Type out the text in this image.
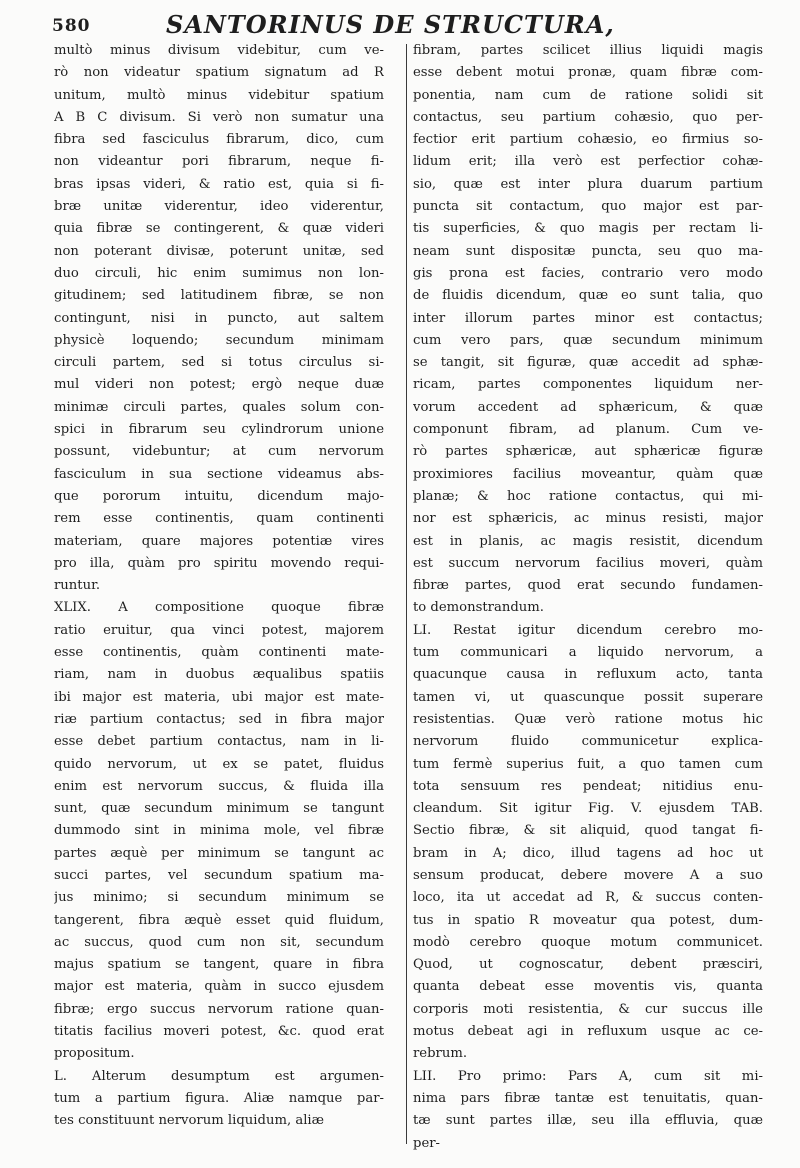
580	SANTORINUS DE STRUCTURA,
multò minus divisum videbitur, cum ve-
rò non videatur spatium signatum ad R
unitum, multò minus videbitur spatium
A B C divisum. Si verò non sumatur una
fibra sed fasciculus fibrarum, dico, cum
non videantur pori fibrarum, neque fi-
bras ipsas videri, & ratio est, quia si fi-
bræ unitæ viderentur, ideo viderentur,
quia fibræ se contingerent, & quæ videri
non poterant divisæ, poterunt unitæ, sed
duo circuli, hic enim sumimus non lon-
gitudinem; sed latitudinem fibræ, se non
contingunt, nisi in puncto, aut saltem
physicè loquendo; secundum minimam
circuli partem, sed si totus circulus si-
mul videri non potest; ergò neque duæ
minimæ circuli partes, quales solum con-
spici in fibrarum seu cylindrorum unione
possunt, videbuntur; at cum nervorum
fasciculum in sua sectione videamus abs-
que pororum intuitu, dicendum majo-
rem esse continentis, quam continenti
materiam, quare majores potentiæ vires
pro illa, quàm pro spiritu movendo requi-
runtur.
XLIX. A compositione quoque fibræ
ratio eruitur, qua vinci potest, majorem
esse continentis, quàm continenti mate-
riam, nam in duobus æqualibus spatiis
ibi major est materia, ubi major est mate-
riæ partium contactus; sed in fibra major
esse debet partium contactus, nam in li-
quido nervorum, ut ex se patet, fluidus
enim est nervorum succus, & fluida illa
sunt, quæ secundum minimum se tangunt
dummodo sint in minima mole, vel fibræ
partes æquè per minimum se tangunt ac
succi partes, vel secundum spatium ma-
jus minimo; si secundum minimum se
tangerent, fibra æquè esset quid fluidum,
ac succus, quod cum non sit, secundum
majus spatium se tangent, quare in fibra
major est materia, quàm in succo ejusdem
fibræ; ergo succus nervorum ratione quan-
titatis facilius moveri potest, &c. quod erat
propositum.
L. Alterum desumptum est argumen-
tum a partium figura. Aliæ namque par-
tes constituunt nervorum liquidum, aliæ
fibram, partes scilicet illius liquidi magis
esse debent motui pronæ, quam fibræ com-
ponentia, nam cum de ratione solidi sit
contactus, seu partium cohæsio, quo per-
fectior erit partium cohæsio, eo firmius so-
lidum erit; illa verò est perfectior cohæ-
sio, quæ est inter plura duarum partium
puncta sit contactum, quo major est par-
tis superficies, & quo magis per rectam li-
neam sunt dispositæ puncta, seu quo ma-
gis prona est facies, contrario vero modo
de fluidis dicendum, quæ eo sunt talia, quo
inter illorum partes minor est contactus;
cum vero pars, quæ secundum minimum
se tangit, sit figuræ, quæ accedit ad sphæ-
ricam, partes componentes liquidum ner-
vorum accedent ad sphæricum, & quæ
componunt fibram, ad planum. Cum ve-
rò partes sphæricæ, aut sphæricæ figuræ
proximiores facilius moveantur, quàm quæ
planæ; & hoc ratione contactus, qui mi-
nor est sphæricis, ac minus resisti, major
est in planis, ac magis resistit, dicendum
est succum nervorum facilius moveri, quàm
fibræ partes, quod erat secundo fundamen-
to demonstrandum.
LI. Restat igitur dicendum cerebro mo-
tum communicari a liquido nervorum, a
quacunque causa in refluxum acto, tanta
tamen vi, ut quascunque possit superare
resistentias. Quæ verò ratione motus hic
nervorum fluido communicetur explica-
tum fermè superius fuit, a quo tamen cum
tota sensuum res pendeat; nitidius enu-
cleandum. Sit igitur Fig. V. ejusdem TAB.
Sectio fibræ, & sit aliquid, quod tangat fi-
bram in A; dico, illud tagens ad hoc ut
sensum producat, debere movere A a suo
loco, ita ut accedat ad R, & succus conten-
tus in spatio R moveatur qua potest, dum-
modò cerebro quoque motum communicet.
Quod, ut cognoscatur, debent præsciri,
quanta debeat esse moventis vis, quanta
corporis moti resistentia, & cur succus ille
motus debeat agi in refluxum usque ac ce-
rebrum.
LII. Pro primo: Pars A, cum sit mi-
nima pars fibræ tantæ est tenuitatis, quan-
tæ sunt partes illæ, seu illa effluvia, quæ
per-
